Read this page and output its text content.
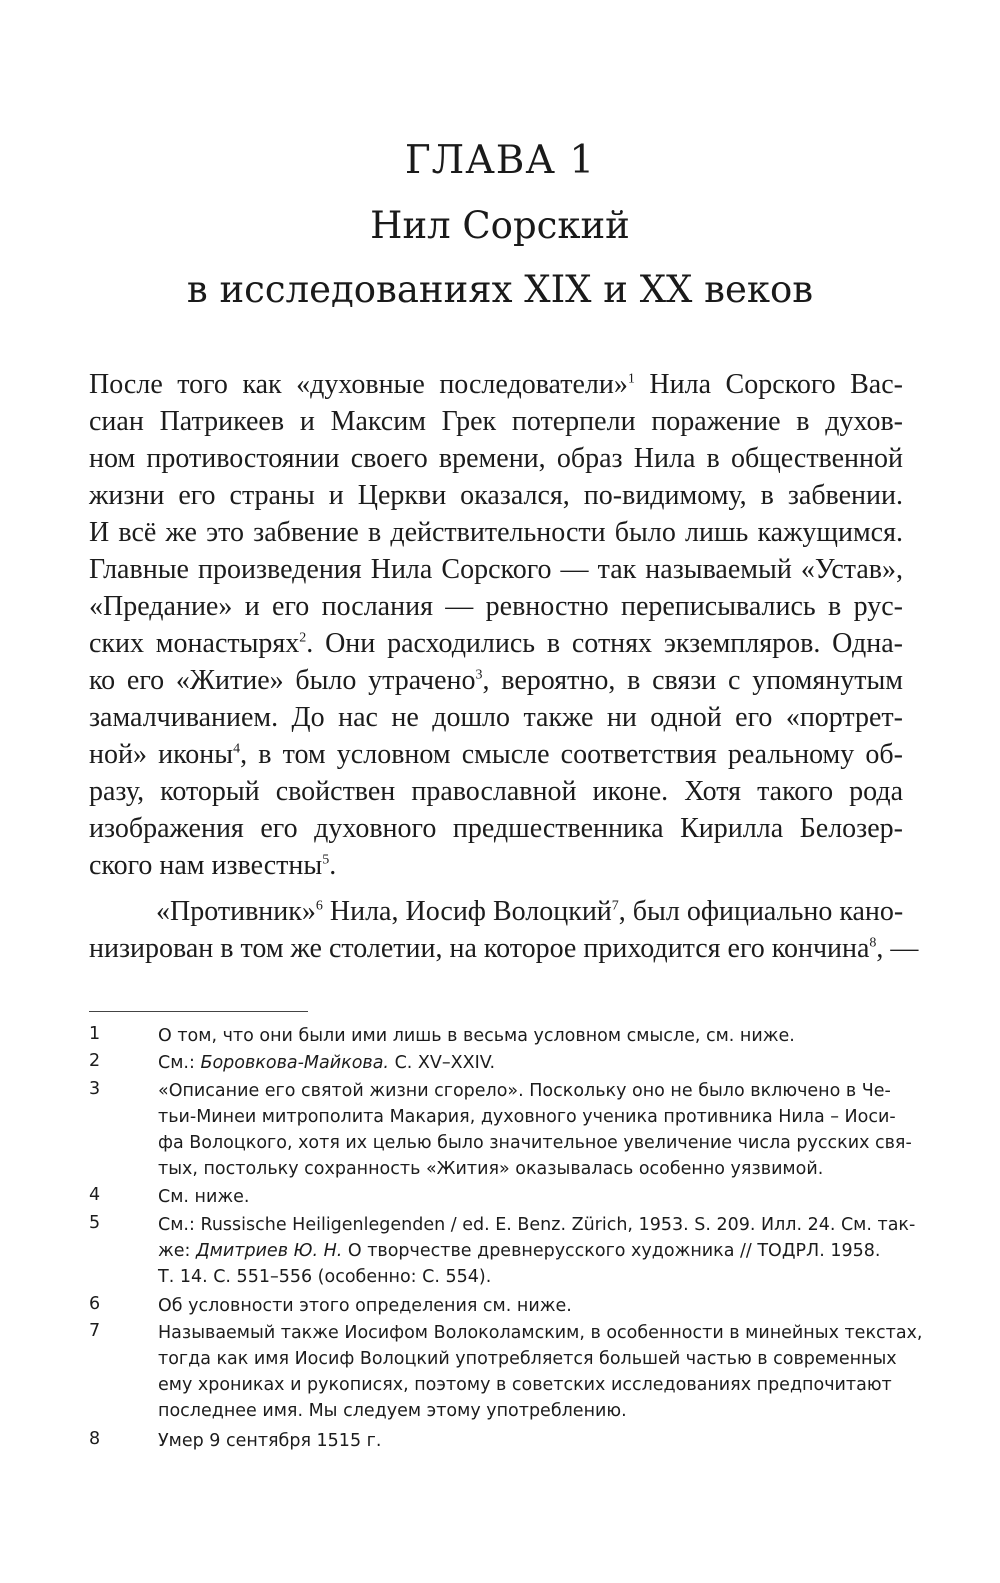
ГЛАВА 1
Нил Сорский
в исследованиях XIX и XX веков
После того как «духовные последователи»$^1$ Нила Сорского Вас-
сиан Патрикеев и Максим Грек потерпели поражение в духов-
ном противостоянии своего времени, образ Нила в общественной
жизни его страны и Церкви оказался, по-видимому, в забвении.
И всё же это забвение в действительности было лишь кажущимся.
Главные произведения Нила Сорского — так называемый «Устав»,
«Предание» и его послания — ревностно переписывались в рус-
ских монастырях$^2$. Они расходились в сотнях экземпляров. Одна-
ко его «Житие» было утрачено$^3$, вероятно, в связи с упомянутым
замалчиванием. До нас не дошло также ни одной его «портрет-
ной» иконы$^4$, в том условном смысле соответствия реальному об-
разу, который свойствен православной иконе. Хотя такого рода
изображения его духовного предшественника Кирилла Белозер-
ского нам известны$^5$.
«Противник»$^6$ Нила, Иосиф Волоцкий$^7$, был официально кано-
низирован в том же столетии, на которое приходится его кончина$^8$, —
1	О том, что они были ими лишь в весьма условном смысле, см. ниже.
2	См.: Боровкова-Майкова. С. XV–XXIV.
3	«Описание его святой жизни сгорело». Поскольку оно не было включено в Че-
тьи-Минеи митрополита Макария, духовного ученика противника Нила – Иоси-
фа Волоцкого, хотя их целью было значительное увеличение числа русских свя-
тых, постольку сохранность «Жития» оказывалась особенно уязвимой.
4	См. ниже.
5	См.: Russische Heiligenlegenden / ed. E. Benz. Zürich, 1953. S. 209. Илл. 24. См. так-
же: Дмитриев Ю. Н. О творчестве древнерусского художника // ТОДРЛ. 1958.
Т. 14. С. 551–556 (особенно: С. 554).
6	Об условности этого определения см. ниже.
7	Называемый также Иосифом Волоколамским, в особенности в минейных текстах,
тогда как имя Иосиф Волоцкий употребляется большей частью в современных
ему хрониках и рукописях, поэтому в советских исследованиях предпочитают
последнее имя. Мы следуем этому употреблению.
8	Умер 9 сентября 1515 г.
